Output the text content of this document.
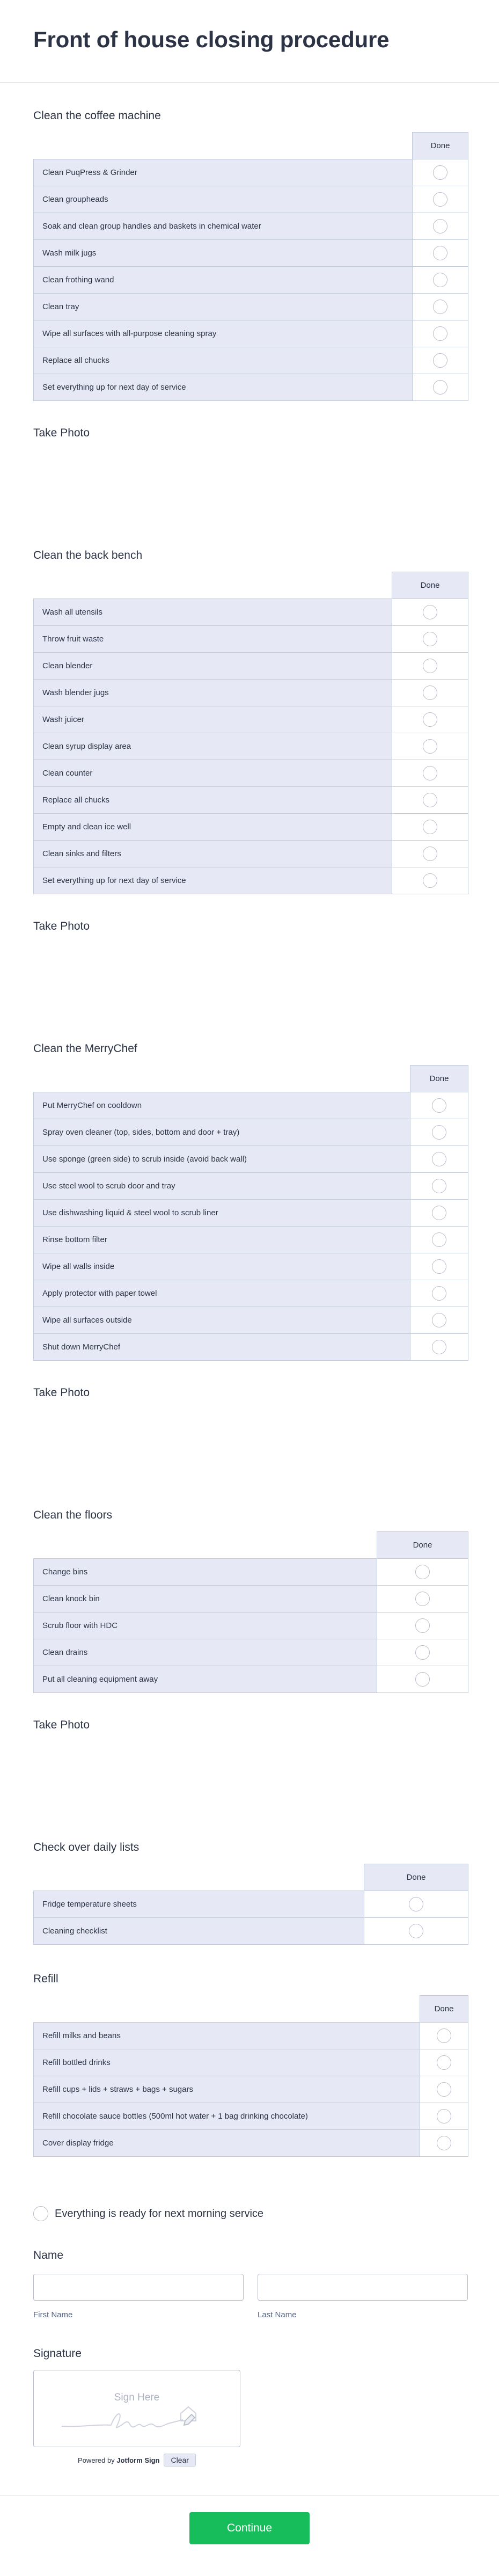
Front of house closing procedure
Clean the coffee machine
	Done
Clean PuqPress & Grinder	
Clean groupheads	
Soak and clean group handles and baskets in chemical water	
Wash milk jugs	
Clean frothing wand	
Clean tray	
Wipe all surfaces with all-purpose cleaning spray	
Replace all chucks	
Set everything up for next day of service	
Take Photo
Clean the back bench
	Done
Wash all utensils	
Throw fruit waste	
Clean blender	
Wash blender jugs	
Wash juicer	
Clean syrup display area	
Clean counter	
Replace all chucks	
Empty and clean ice well	
Clean sinks and filters	
Set everything up for next day of service	
Take Photo
Clean the MerryChef
	Done
Put MerryChef on cooldown	
Spray oven cleaner (top, sides, bottom and door + tray)	
Use sponge (green side) to scrub inside (avoid back wall)	
Use steel wool to scrub door and tray	
Use dishwashing liquid & steel wool to scrub liner	
Rinse bottom filter	
Wipe all walls inside	
Apply protector with paper towel	
Wipe all surfaces outside	
Shut down MerryChef	
Take Photo
Clean the floors
	Done
Change bins	
Clean knock bin	
Scrub floor with HDC	
Clean drains	
Put all cleaning equipment away	
Take Photo
Check over daily lists
	Done
Fridge temperature sheets	
Cleaning checklist	
Refill
	Done
Refill milks and beans	
Refill bottled drinks	
Refill cups + lids + straws + bags + sugars	
Refill chocolate sauce bottles (500ml hot water + 1 bag drinking chocolate)	
Cover display fridge	
Everything is ready for next morning service
Name
First Name	Last Name
Signature
Sign Here
Powered by Jotform Sign	Clear
Continue
